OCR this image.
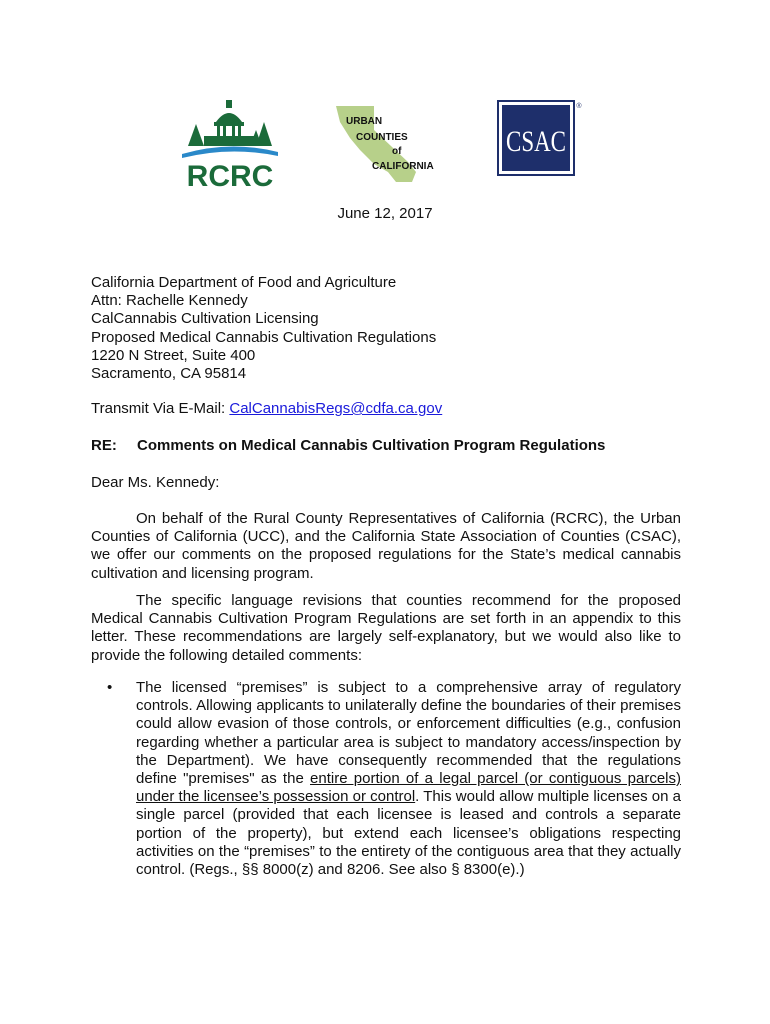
RCRC
URBAN
COUNTIES
of
CALIFORNIA
CSAC
®
June 12, 2017
California Department of Food and Agriculture
Attn: Rachelle Kennedy
CalCannabis Cultivation Licensing
Proposed Medical Cannabis Cultivation Regulations
1220 N Street, Suite 400
Sacramento, CA 95814
Transmit Via E-Mail: CalCannabisRegs@cdfa.ca.gov
RE: Comments on Medical Cannabis Cultivation Program Regulations
Dear Ms. Kennedy:
On behalf of the Rural County Representatives of California (RCRC), the Urban Counties of California (UCC), and the California State Association of Counties (CSAC), we offer our comments on the proposed regulations for the State’s medical cannabis cultivation and licensing program.
The specific language revisions that counties recommend for the proposed Medical Cannabis Cultivation Program Regulations are set forth in an appendix to this letter. These recommendations are largely self-explanatory, but we would also like to provide the following detailed comments:
•	The licensed “premises” is subject to a comprehensive array of regulatory controls. Allowing applicants to unilaterally define the boundaries of their premises could allow evasion of those controls, or enforcement difficulties (e.g., confusion regarding whether a particular area is subject to mandatory access/inspection by the Department). We have consequently recommended that the regulations define "premises" as the entire portion of a legal parcel (or contiguous parcels) under the licensee’s possession or control. This would allow multiple licenses on a single parcel (provided that each licensee is leased and controls a separate portion of the property), but extend each licensee’s obligations respecting activities on the “premises” to the entirety of the contiguous area that they actually control. (Regs., §§ 8000(z) and 8206. See also § 8300(e).)
